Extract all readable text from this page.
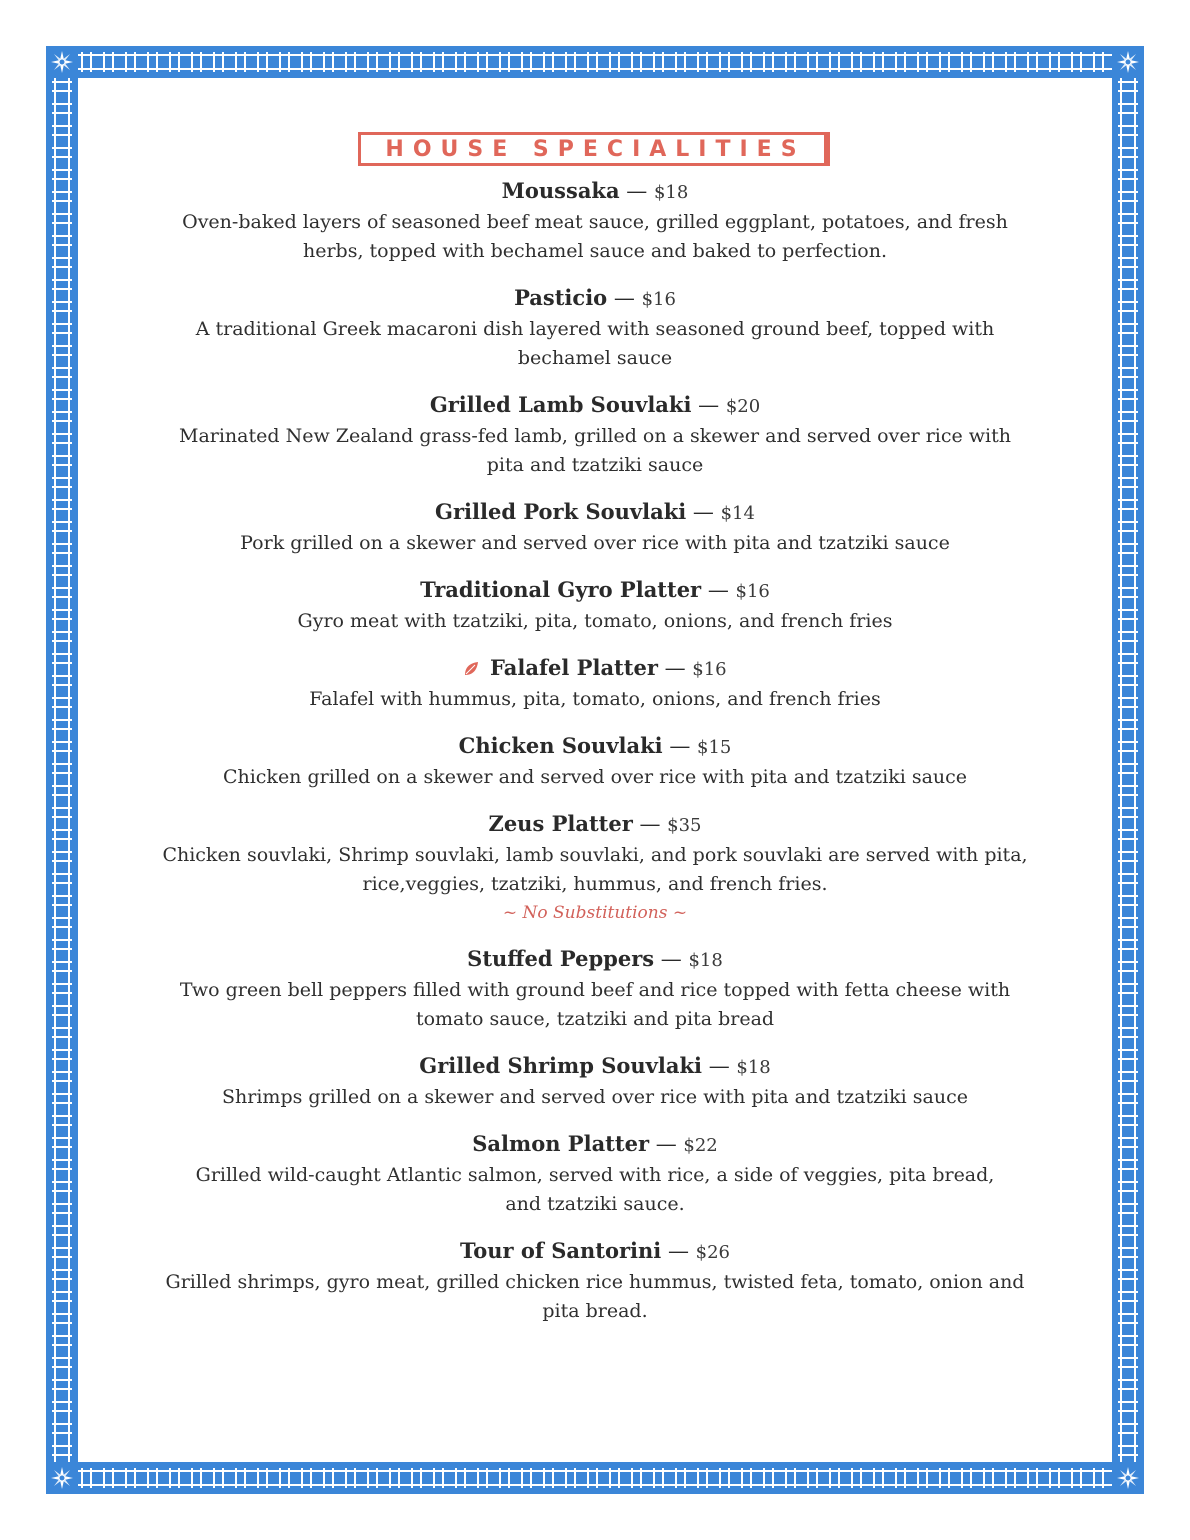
HOUSE SPECIALITIES
Moussaka — $18
Oven-baked layers of seasoned beef meat sauce, grilled eggplant, potatoes, and fresh herbs, topped with bechamel sauce and baked to perfection.
Pasticio — $16
A traditional Greek macaroni dish layered with seasoned ground beef, topped with bechamel sauce
Grilled Lamb Souvlaki — $20
Marinated New Zealand grass-fed lamb, grilled on a skewer and served over rice with pita and tzatziki sauce
Grilled Pork Souvlaki — $14
Pork grilled on a skewer and served over rice with pita and tzatziki sauce
Traditional Gyro Platter — $16
Gyro meat with tzatziki, pita, tomato, onions, and french fries
Falafel Platter — $16
Falafel with hummus, pita, tomato, onions, and french fries
Chicken Souvlaki — $15
Chicken grilled on a skewer and served over rice with pita and tzatziki sauce
Zeus Platter — $35
Chicken souvlaki, Shrimp souvlaki, lamb souvlaki, and pork souvlaki are served with pita, rice,veggies, tzatziki, hummus, and french fries.
~ No Substitutions ~
Stuffed Peppers — $18
Two green bell peppers filled with ground beef and rice topped with fetta cheese with tomato sauce, tzatziki and pita bread
Grilled Shrimp Souvlaki — $18
Shrimps grilled on a skewer and served over rice with pita and tzatziki sauce
Salmon Platter — $22
Grilled wild-caught Atlantic salmon, served with rice, a side of veggies, pita bread, and tzatziki sauce.
Tour of Santorini — $26
Grilled shrimps, gyro meat, grilled chicken rice hummus, twisted feta, tomato, onion and pita bread.
